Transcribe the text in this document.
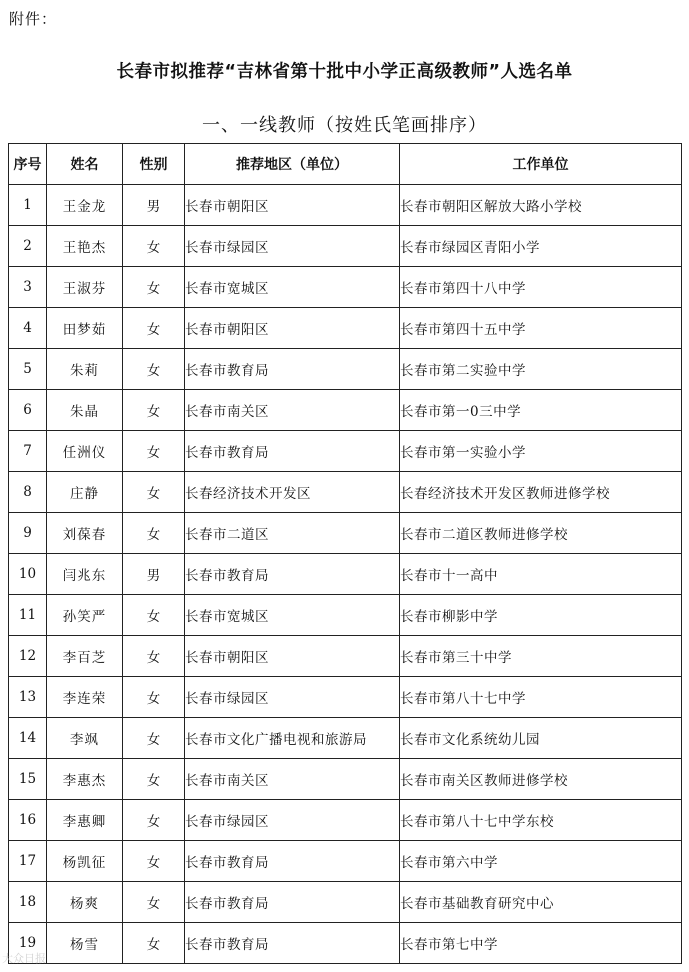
附件：
长春市拟推荐“吉林省第十批中小学正高级教师”人选名单
一、一线教师（按姓氏笔画排序）
序号	姓名	性别	推荐地区（单位）	工作单位
1	王金龙	男	长春市朝阳区	长春市朝阳区解放大路小学校
2	王艳杰	女	长春市绿园区	长春市绿园区青阳小学
3	王淑芬	女	长春市宽城区	长春市第四十八中学
4	田梦茹	女	长春市朝阳区	长春市第四十五中学
5	朱莉	女	长春市教育局	长春市第二实验中学
6	朱晶	女	长春市南关区	长春市第一0三中学
7	任洲仪	女	长春市教育局	长春市第一实验小学
8	庄静	女	长春经济技术开发区	长春经济技术开发区教师进修学校
9	刘葆春	女	长春市二道区	长春市二道区教师进修学校
10	闫兆东	男	长春市教育局	长春市十一高中
11	孙笑严	女	长春市宽城区	长春市柳影中学
12	李百芝	女	长春市朝阳区	长春市第三十中学
13	李连荣	女	长春市绿园区	长春市第八十七中学
14	李飒	女	长春市文化广播电视和旅游局	长春市文化系统幼儿园
15	李惠杰	女	长春市南关区	长春市南关区教师进修学校
16	李惠卿	女	长春市绿园区	长春市第八十七中学东校
17	杨凯征	女	长春市教育局	长春市第六中学
18	杨爽	女	长春市教育局	长春市基础教育研究中心
19	杨雪	女	长春市教育局	长春市第七中学
大众日报
